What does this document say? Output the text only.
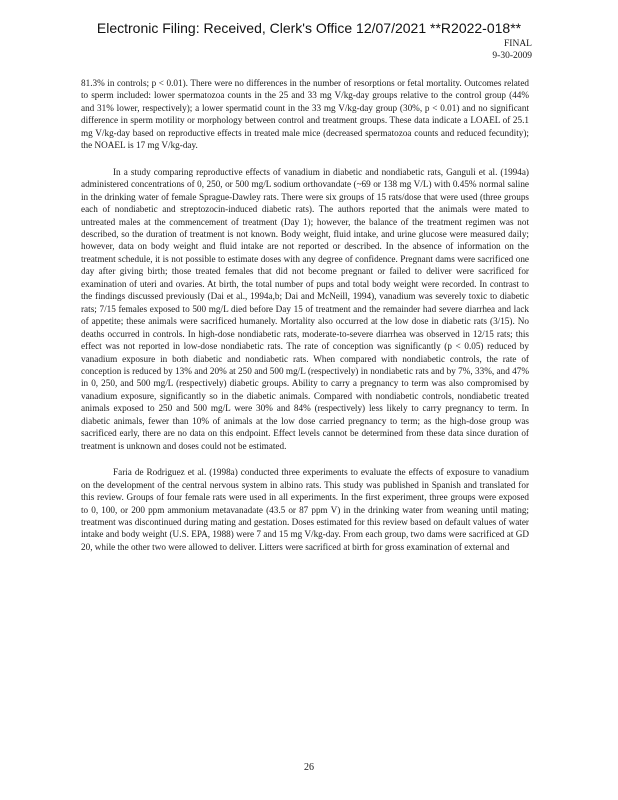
Electronic Filing: Received, Clerk's Office 12/07/2021 **R2022-018**
FINAL
9-30-2009

81.3% in controls; p < 0.01). There were no differences in the number of resorptions or fetal mortality. Outcomes related to sperm included: lower spermatozoa counts in the 25 and 33 mg V/kg-day groups relative to the control group (44% and 31% lower, respectively); a lower spermatid count in the 33 mg V/kg-day group (30%, p < 0.01) and no significant difference in sperm motility or morphology between control and treatment groups. These data indicate a LOAEL of 25.1 mg V/kg-day based on reproductive effects in treated male mice (decreased spermatozoa counts and reduced fecundity); the NOAEL is 17 mg V/kg-day.

In a study comparing reproductive effects of vanadium in diabetic and nondiabetic rats, Ganguli et al. (1994a) administered concentrations of 0, 250, or 500 mg/L sodium orthovandate (~69 or 138 mg V/L) with 0.45% normal saline in the drinking water of female Sprague-Dawley rats. There were six groups of 15 rats/dose that were used (three groups each of nondiabetic and streptozocin-induced diabetic rats). The authors reported that the animals were mated to untreated males at the commencement of treatment (Day 1); however, the balance of the treatment regimen was not described, so the duration of treatment is not known. Body weight, fluid intake, and urine glucose were measured daily; however, data on body weight and fluid intake are not reported or described. In the absence of information on the treatment schedule, it is not possible to estimate doses with any degree of confidence. Pregnant dams were sacrificed one day after giving birth; those treated females that did not become pregnant or failed to deliver were sacrificed for examination of uteri and ovaries. At birth, the total number of pups and total body weight were recorded. In contrast to the findings discussed previously (Dai et al., 1994a,b; Dai and McNeill, 1994), vanadium was severely toxic to diabetic rats; 7/15 females exposed to 500 mg/L died before Day 15 of treatment and the remainder had severe diarrhea and lack of appetite; these animals were sacrificed humanely. Mortality also occurred at the low dose in diabetic rats (3/15). No deaths occurred in controls. In high-dose nondiabetic rats, moderate-to-severe diarrhea was observed in 12/15 rats; this effect was not reported in low-dose nondiabetic rats. The rate of conception was significantly (p < 0.05) reduced by vanadium exposure in both diabetic and nondiabetic rats. When compared with nondiabetic controls, the rate of conception is reduced by 13% and 20% at 250 and 500 mg/L (respectively) in nondiabetic rats and by 7%, 33%, and 47% in 0, 250, and 500 mg/L (respectively) diabetic groups. Ability to carry a pregnancy to term was also compromised by vanadium exposure, significantly so in the diabetic animals. Compared with nondiabetic controls, nondiabetic treated animals exposed to 250 and 500 mg/L were 30% and 84% (respectively) less likely to carry pregnancy to term. In diabetic animals, fewer than 10% of animals at the low dose carried pregnancy to term; as the high-dose group was sacrificed early, there are no data on this endpoint. Effect levels cannot be determined from these data since duration of treatment is unknown and doses could not be estimated.

Faria de Rodriguez et al. (1998a) conducted three experiments to evaluate the effects of exposure to vanadium on the development of the central nervous system in albino rats. This study was published in Spanish and translated for this review. Groups of four female rats were used in all experiments. In the first experiment, three groups were exposed to 0, 100, or 200 ppm ammonium metavanadate (43.5 or 87 ppm V) in the drinking water from weaning until mating; treatment was discontinued during mating and gestation. Doses estimated for this review based on default values of water intake and body weight (U.S. EPA, 1988) were 7 and 15 mg V/kg-day. From each group, two dams were sacrificed at GD 20, while the other two were allowed to deliver. Litters were sacrificed at birth for gross examination of external and

26
